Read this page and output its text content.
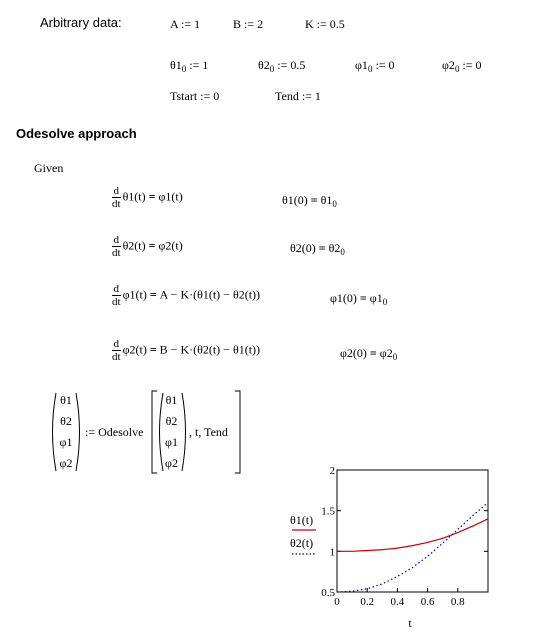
Arbitrary data:	A := 1	B := 2	K := 0.5
$\theta 1_0$ := 1	$\theta 2_0$ := 0.5	$\varphi 1_0$ := 0	$\varphi 2_0$ := 0
Tstart := 0	Tend := 1
Odesolve approach
Given
$\frac{d}{dt} \theta 1(t) = \varphi 1(t)$	$\theta 1(0) = \theta 1_0$
$\frac{d}{dt} \theta 2(t) = \varphi 2(t)$	$\theta 2(0) = \theta 2_0$
$\frac{d}{dt} \varphi 1(t) = A - K\cdot(\theta 1(t) - \theta 2(t))$	$\varphi 1(0) = \varphi 1_0$
$\frac{d}{dt} \varphi 2(t) = B - K\cdot(\theta 2(t) - \theta 1(t))$	$\varphi 2(0) = \varphi 2_0$
θ1
θ2
φ1
φ2
:= Odesolve
θ1
θ2
φ1
φ2
, t, Tend
θ1(t)
θ2(t)
0 0.2 0.4 0.6 0.8
0.5
1
1.5
2
t
